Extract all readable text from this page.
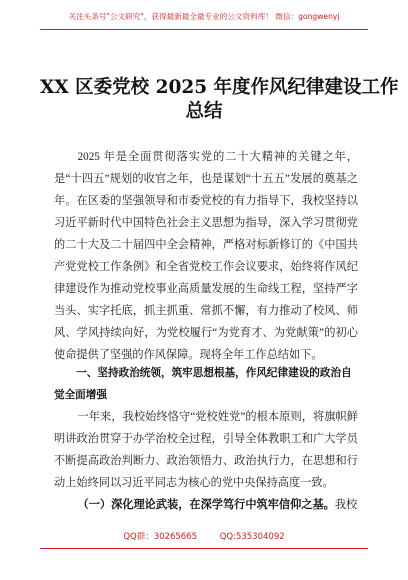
关注头条号"公文研究"，获得最新最全最专业的公文资料库！ 微信：gongwenyj
XX 区委党校 2025 年度作风纪律建设工作
总结

2025 年是全面贯彻落实党的二十大精神的关键之年，是“十四五”规划的收官之年，也是谋划“十五五”发展的奠基之年。在区委的坚强领导和市委党校的有力指导下，我校坚持以习近平新时代中国特色社会主义思想为指导，深入学习贯彻党的二十大及二十届四中全会精神，严格对标新修订的《中国共产党党校工作条例》和全省党校工作会议要求，始终将作风纪律建设作为推动党校事业高质量发展的生命线工程，坚持严字当头、实字托底，抓主抓重、常抓不懈，有力推动了校风、师风、学风持续向好，为党校履行“为党育才、为党献策”的初心使命提供了坚强的作风保障。现将全年工作总结如下。

一、坚持政治统领，筑牢思想根基，作风纪律建设的政治自觉全面增强

一年来，我校始终恪守“党校姓党”的根本原则，将旗帜鲜明讲政治贯穿于办学治校全过程，引导全体教职工和广大学员不断提高政治判断力、政治领悟力、政治执行力，在思想和行动上始终同以习近平同志为核心的党中央保持高度一致。

（一）深化理论武装，在深学笃行中筑牢信仰之基。我校

QQ群：30265665	QQ:535304092
